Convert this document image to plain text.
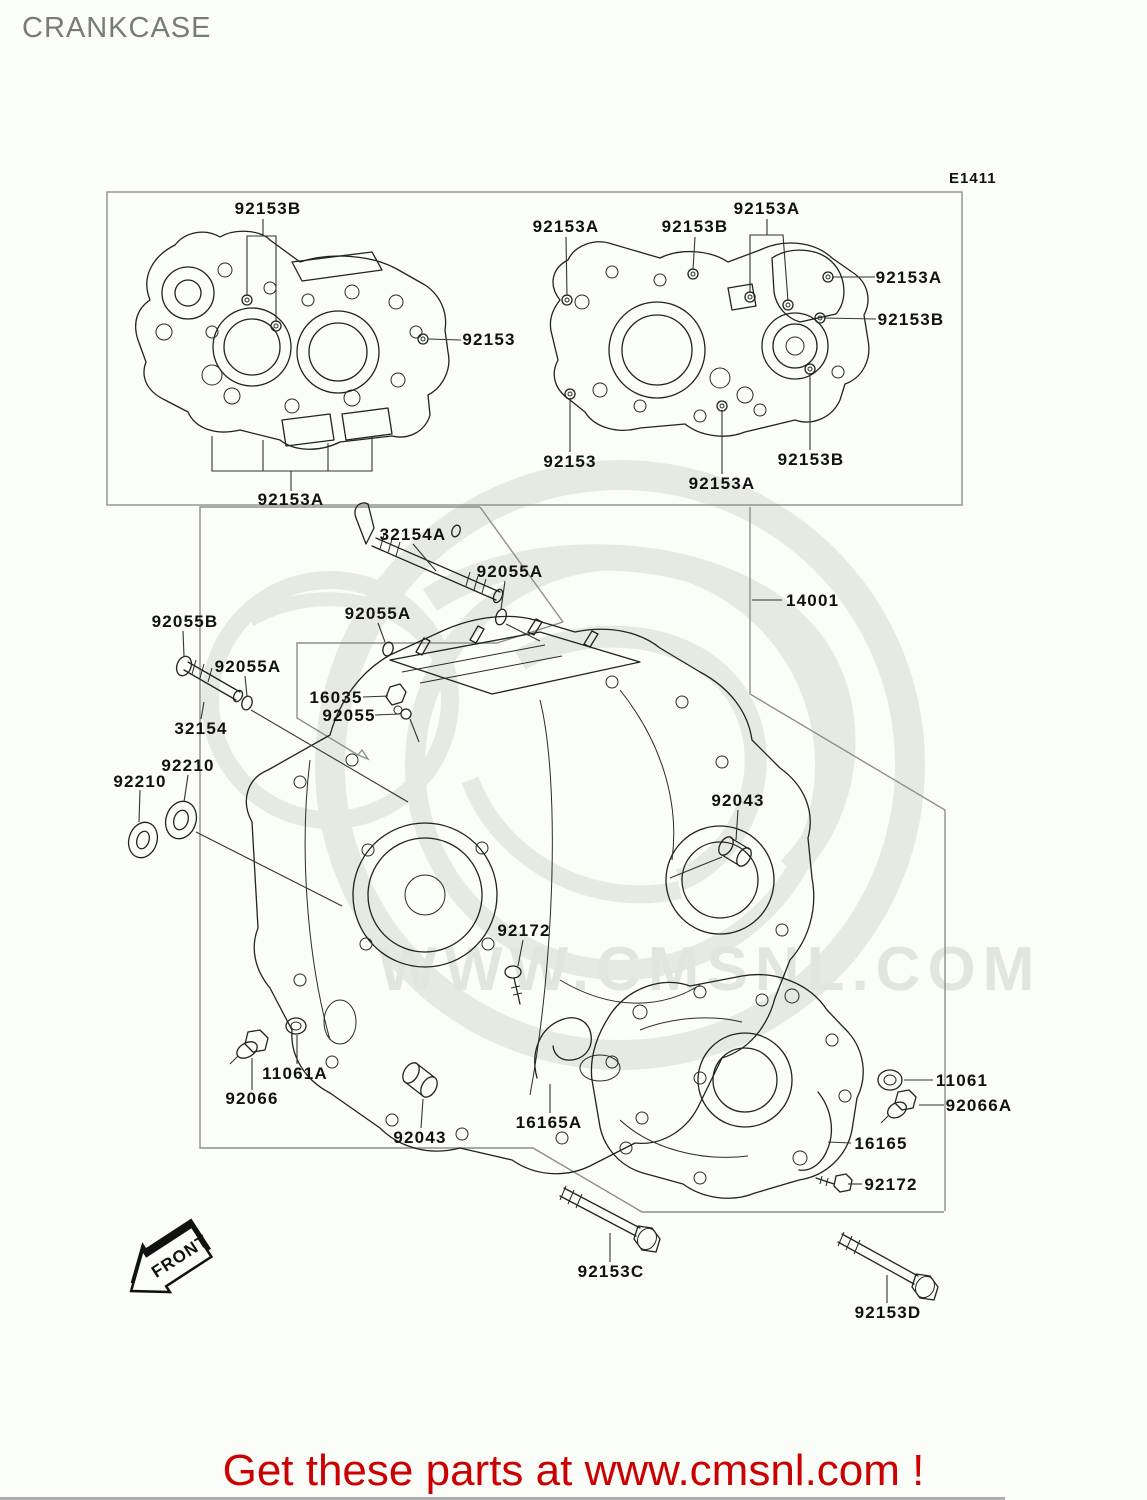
CRANKCASE
WWW.CMSNL.COM
E1411
92153B
92153A	92153B
92153A
92153A
92153B
92153
92153
92153A
92153B
92153A
32154A
92055A
92055A
92055B
92055A
32154
16035
92055
92210
92210
14001
92043
92172
11061A
92066
92043
16165A
11061
92066A
16165
92172
92153C
92153D
FRONT
Get these parts at www.cmsnl.com !
